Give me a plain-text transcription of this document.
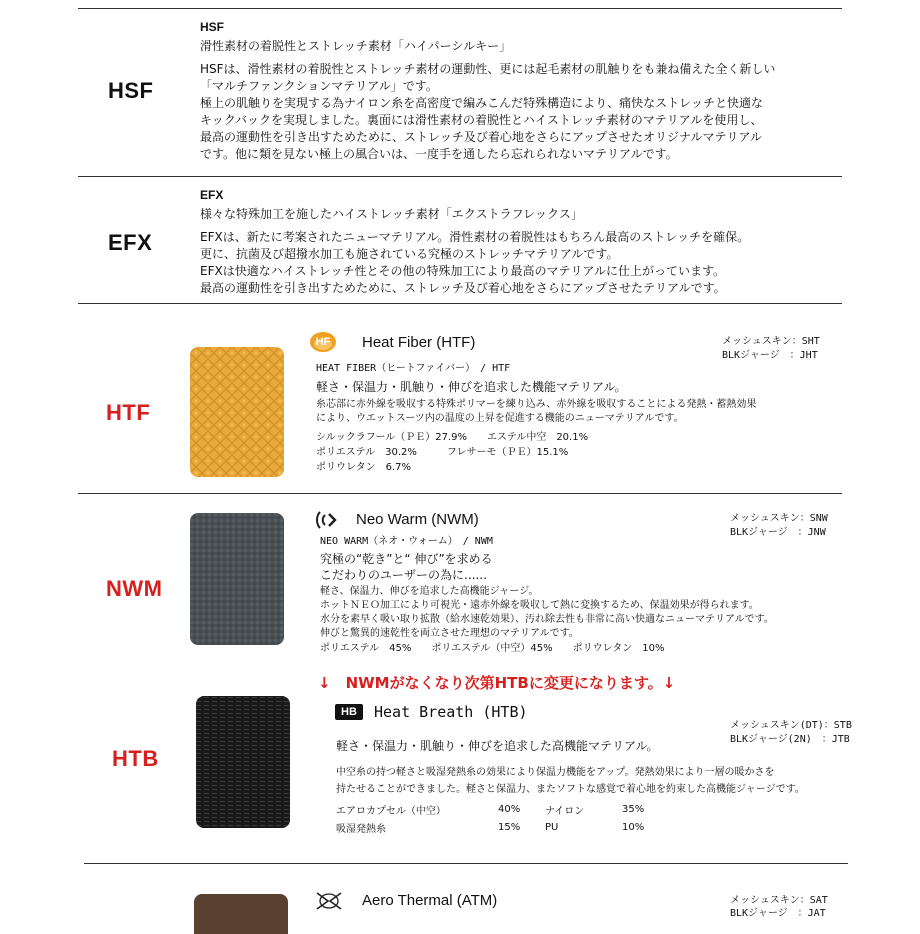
HSF
HSF
滑性素材の着脱性とストレッチ素材「ハイパーシルキー」
HSFは、滑性素材の着脱性とストレッチ素材の運動性、更には起毛素材の肌触りをも兼ね備えた全く新しい
「マルチファンクションマテリアル」です。
極上の肌触りを実現する為ナイロン糸を高密度で編みこんだ特殊構造により、痛快なストレッチと快適な
キックバックを実現しました。裏面には滑性素材の着脱性とハイストレッチ素材のマテリアルを使用し、
最高の運動性を引き出すためために、ストレッチ及び着心地をさらにアップさせたオリジナルマテリアル
です。他に類を見ない極上の風合いは、一度手を通したら忘れられないマテリアルです。
EFX
EFX
様々な特殊加工を施したハイストレッチ素材「エクストラフレックス」
EFXは、新たに考案されたニューマテリアル。滑性素材の着脱性はもちろん最高のストレッチを確保。
更に、抗菌及び超撥水加工も施されている究極のストレッチマテリアルです。
EFXは快適なハイストレッチ性とその他の特殊加工により最高のマテリアルに仕上がっています。
最高の運動性を引き出すためために、ストレッチ及び着心地をさらにアップさせたテリアルです。
HTF
HF Heat Fiber (HTF)	メッシュスキン：SHT
BLKジャージ　：JHT
HEAT FIBER（ヒートファイバー）　/ HTF
軽さ・保温力・肌触り・伸びを追求した機能マテリアル。
糸芯部に赤外線を吸収する特殊ポリマーを練り込み、赤外線を吸収することによる発熱・蓄熱効果
により、ウエットスーツ内の温度の上昇を促進する機能のニューマテリアルです。
シルックラフール（ＰＥ）27.9%　　エステル中空　20.1%
ポリエステル　30.2%　　　フレサーモ（ＰＥ）15.1%
ポリウレタン　6.7%
NWM
Neo Warm (NWM)	メッシュスキン：SNW
BLKジャージ　：JNW
NEO WARM（ネオ・ウォーム）　/ NWM
究極の“乾き”と“ 伸び”を求める
こだわりのユーザーの為に......
軽さ、保温力、伸びを追求した高機能ジャージ。
ホットＮＥＯ加工により可視光・遠赤外線を吸収して熱に変換するため、保温効果が得られます。
水分を素早く吸い取り拡散（給水速乾効果）、汚れ除去性も非常に高い快適なニューマテリアルです。
伸びと驚異的速乾性を両立させた理想のマテリアルです。
ポリエステル　45%　　ポリエステル（中空）45%　　ポリウレタン　10%
↓　NWMがなくなり次第HTBに変更になります。↓
HTB
HB Heat Breath (HTB)
メッシュスキン(DT)：STB
BLKジャージ(2N)　：JTB
軽さ・保温力・肌触り・伸びを追求した高機能マテリアル。
中空糸の持つ軽さと吸湿発熱糸の効果により保温力機能をアップ。発熱効果により一層の暖かさを
持たせることができました。軽さと保温力、またソフトな感覚で着心地を約束した高機能ジャージです。
エアロカプセル（中空）	40%	ナイロン	35%
吸湿発熱糸	15%	PU	10%
Aero Thermal (ATM)	メッシュスキン：SAT
BLKジャージ　：JAT
